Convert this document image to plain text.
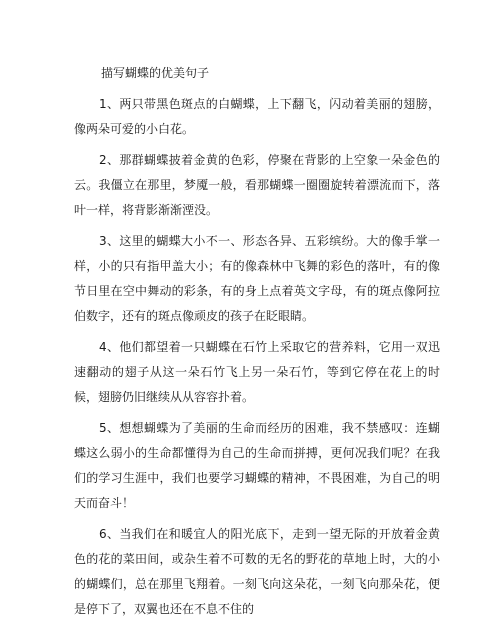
描写蝴蝶的优美句子

1、两只带黑色斑点的白蝴蝶，上下翻飞，闪动着美丽的翅膀，像两朵可爱的小白花。

2、那群蝴蝶披着金黄的色彩，停聚在背影的上空象一朵金色的云。我僵立在那里，梦魇一般，看那蝴蝶一圈圈旋转着漂流而下，落叶一样，将背影渐渐湮没。

3、这里的蝴蝶大小不一、形态各异、五彩缤纷。大的像手掌一样，小的只有指甲盖大小；有的像森林中飞舞的彩色的落叶，有的像节日里在空中舞动的彩条，有的身上点着英文字母，有的斑点像阿拉伯数字，还有的斑点像顽皮的孩子在眨眼睛。

4、他们都望着一只蝴蝶在石竹上采取它的营养料，它用一双迅速翻动的翅子从这一朵石竹飞上另一朵石竹，等到它停在花上的时候，翅膀仍旧继续从从容容扑着。

5、想想蝴蝶为了美丽的生命而经历的困难，我不禁感叹：连蝴蝶这么弱小的生命都懂得为自己的生命而拼搏，更何况我们呢？在我们的学习生涯中，我们也要学习蝴蝶的精神，不畏困难，为自己的明天而奋斗！

6、当我们在和暖宜人的阳光底下，走到一望无际的开放着金黄色的花的菜田间，或杂生着不可数的无名的野花的草地上时，大的小的蝴蝶们，总在那里飞翔着。一刻飞向这朵花，一刻飞向那朵花，便是停下了，双翼也还在不息不住的
